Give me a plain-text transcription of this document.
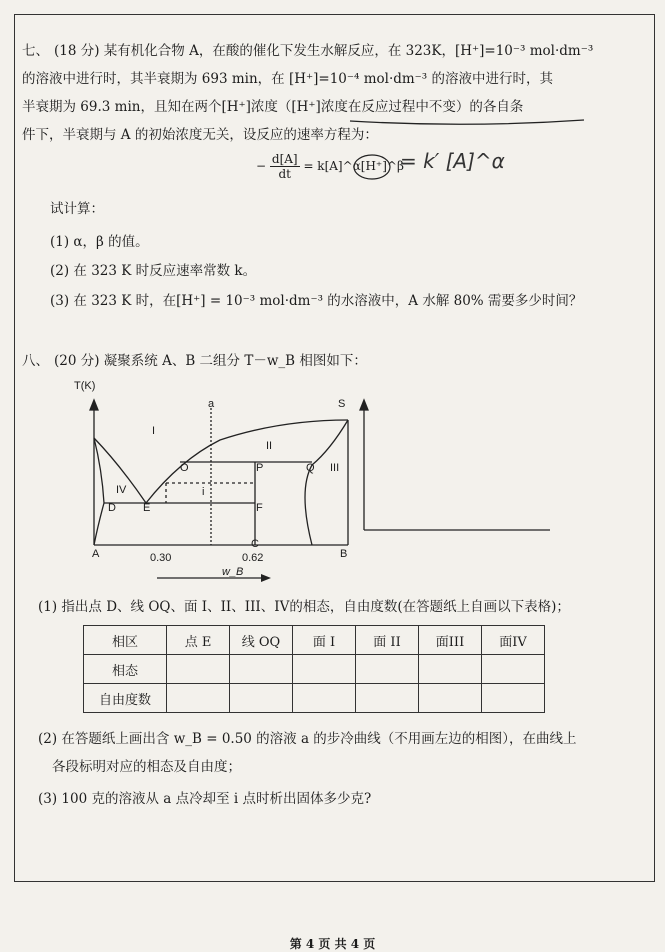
七、 (18 分) 某有机化合物 A，在酸的催化下发生水解反应，在 323K，[H⁺]=10⁻³ mol·dm⁻³
的溶液中进行时，其半衰期为 693 min，在 [H⁺]=10⁻⁴ mol·dm⁻³ 的溶液中进行时，其
半衰期为 69.3 min，且知在两个[H⁺]浓度（[H⁺]浓度在反应过程中不变）的各自条
件下，半衰期与 A 的初始浓度无关，设反应的速率方程为：
− $\frac{d[A]}{dt}$ = k[A]^α[H⁺]^β
= k′ [A]^α
试计算：
(1) α，β 的值。
(2) 在 323 K 时反应速率常数 k。
(3) 在 323 K 时，在[H⁺] = 10⁻³ mol·dm⁻³ 的水溶液中，A 水解 80% 需要多少时间？
八、 (20 分) 凝聚系统 A、B 二组分 T－w_B 相图如下：
T(K)
a	S
I
II
III
IV
O	P	Q
i
D E	F
A	B
C
0.30	0.62
w_B
(1) 指出点 D、线 OQ、面 I、II、III、IV的相态，自由度数(在答题纸上自画以下表格)；
相区	点 E	线 OQ	面 I	面 II	面III	面IV
相态						
自由度数						
(2) 在答题纸上画出含 w_B = 0.50 的溶液 a 的步冷曲线（不用画左边的相图），在曲线上
各段标明对应的相态及自由度；
(3) 100 克的溶液从 a 点冷却至 i 点时析出固体多少克?
第 4 页 共 4 页
